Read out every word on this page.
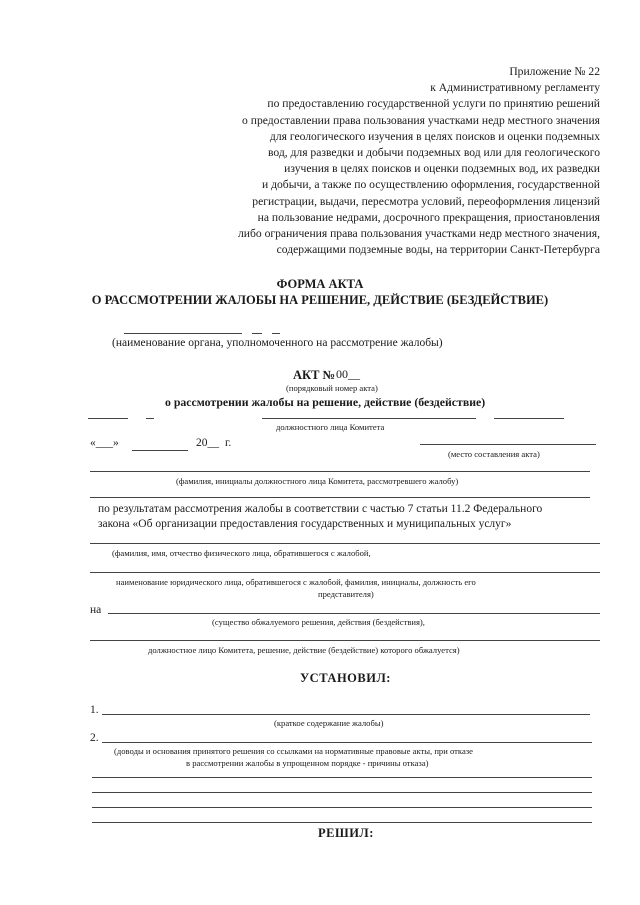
Приложение № 22
к Административному регламенту
по предоставлению государственной услуги по принятию решений
о предоставлении права пользования участками недр местного значения
для геологического изучения в целях поисков и оценки подземных
вод, для разведки и добычи подземных вод или для геологического
изучения в целях поисков и оценки подземных вод, их разведки
и добычи, а также по осуществлению оформления, государственной
регистрации, выдачи, пересмотра условий, переоформления лицензий
на пользование недрами, досрочного прекращения, приостановления
либо ограничения права пользования участками недр местного значения,
содержащими подземные воды, на территории Санкт-Петербурга
ФОРМА АКТА
О РАССМОТРЕНИИ ЖАЛОБЫ НА РЕШЕНИЕ, ДЕЙСТВИЕ (БЕЗДЕЙСТВИЕ)
(наименование органа, уполномоченного на рассмотрение жалобы)
АКТ № 00__
(порядковый номер акта)
о рассмотрении жалобы на решение, действие (бездействие)
должностного лица Комитета
«___»	20__ г.
(место составления акта)
(фамилия, инициалы должностного лица Комитета, рассмотревшего жалобу)
по результатам рассмотрения жалобы в соответствии с частью 7 статьи 11.2 Федерального
закона «Об организации предоставления государственных и муниципальных услуг»
(фамилия, имя, отчество физического лица, обратившегося с жалобой,
наименование юридического лица, обратившегося с жалобой, фамилия, инициалы, должность его
представителя)
на
(существо обжалуемого решения, действия (бездействия),
должностное лицо Комитета, решение, действие (бездействие) которого обжалуется)
УСТАНОВИЛ:
1.
(краткое содержание жалобы)
2.
(доводы и основания принятого решения со ссылками на нормативные правовые акты, при отказе
в рассмотрении жалобы в упрощенном порядке - причины отказа)
РЕШИЛ:
